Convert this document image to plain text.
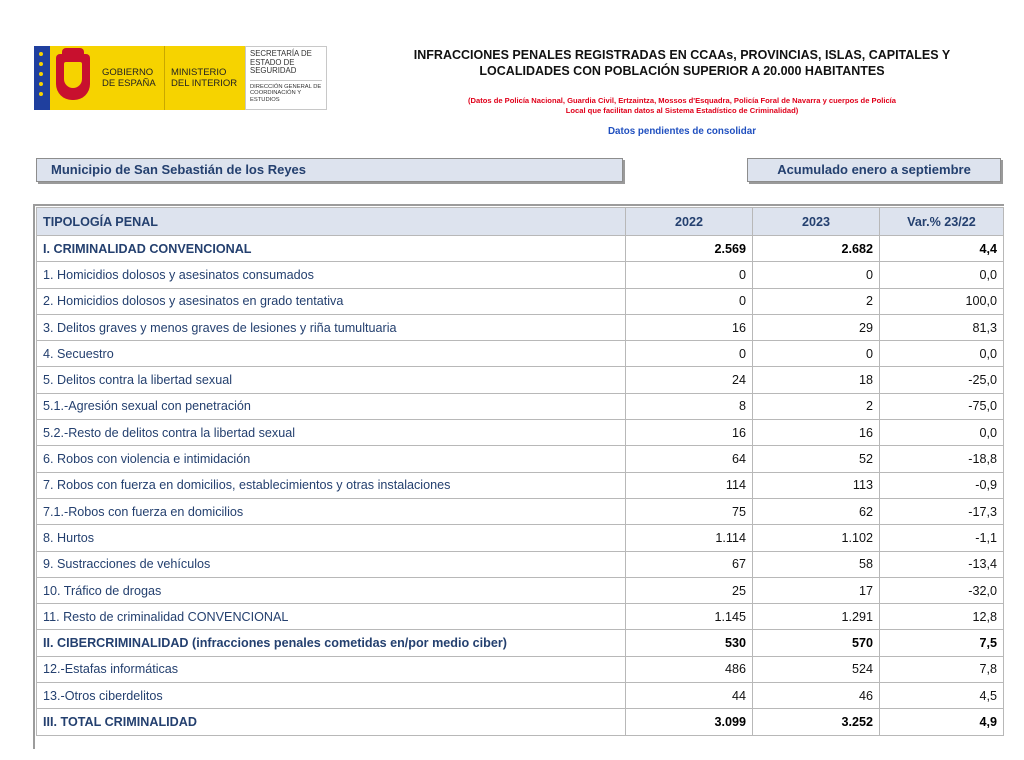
GOBIERNO DE ESPAÑA
MINISTERIO DEL INTERIOR
SECRETARÍA DE ESTADO DE SEGURIDAD
DIRECCIÓN GENERAL DE COORDINACIÓN Y ESTUDIOS
INFRACCIONES PENALES REGISTRADAS EN CCAAs, PROVINCIAS, ISLAS, CAPITALES Y
LOCALIDADES CON POBLACIÓN SUPERIOR A 20.000 HABITANTES
(Datos de Policía Nacional, Guardia Civil, Ertzaintza, Mossos d'Esquadra, Policía Foral de Navarra y cuerpos de Policía
Local que facilitan datos al Sistema Estadístico de Criminalidad)
Datos pendientes de consolidar
Municipio de San Sebastián de los Reyes	Acumulado enero a septiembre
TIPOLOGÍA PENAL	2022	2023	Var.% 23/22
I. CRIMINALIDAD CONVENCIONAL	2.569	2.682	4,4
1. Homicidios dolosos y asesinatos consumados	0	0	0,0
2. Homicidios dolosos y asesinatos en grado tentativa	0	2	100,0
3. Delitos graves y menos graves de lesiones y riña tumultuaria	16	29	81,3
4. Secuestro	0	0	0,0
5. Delitos contra la libertad sexual	24	18	-25,0
5.1.-Agresión sexual con penetración	8	2	-75,0
5.2.-Resto de delitos contra la libertad sexual	16	16	0,0
6. Robos con violencia e intimidación	64	52	-18,8
7. Robos con fuerza en domicilios, establecimientos y otras instalaciones	114	113	-0,9
7.1.-Robos con fuerza en domicilios	75	62	-17,3
8. Hurtos	1.114	1.102	-1,1
9. Sustracciones de vehículos	67	58	-13,4
10. Tráfico de drogas	25	17	-32,0
11. Resto de criminalidad CONVENCIONAL	1.145	1.291	12,8
II. CIBERCRIMINALIDAD (infracciones penales cometidas en/por medio ciber)	530	570	7,5
12.-Estafas informáticas	486	524	7,8
13.-Otros ciberdelitos	44	46	4,5
III. TOTAL CRIMINALIDAD	3.099	3.252	4,9
